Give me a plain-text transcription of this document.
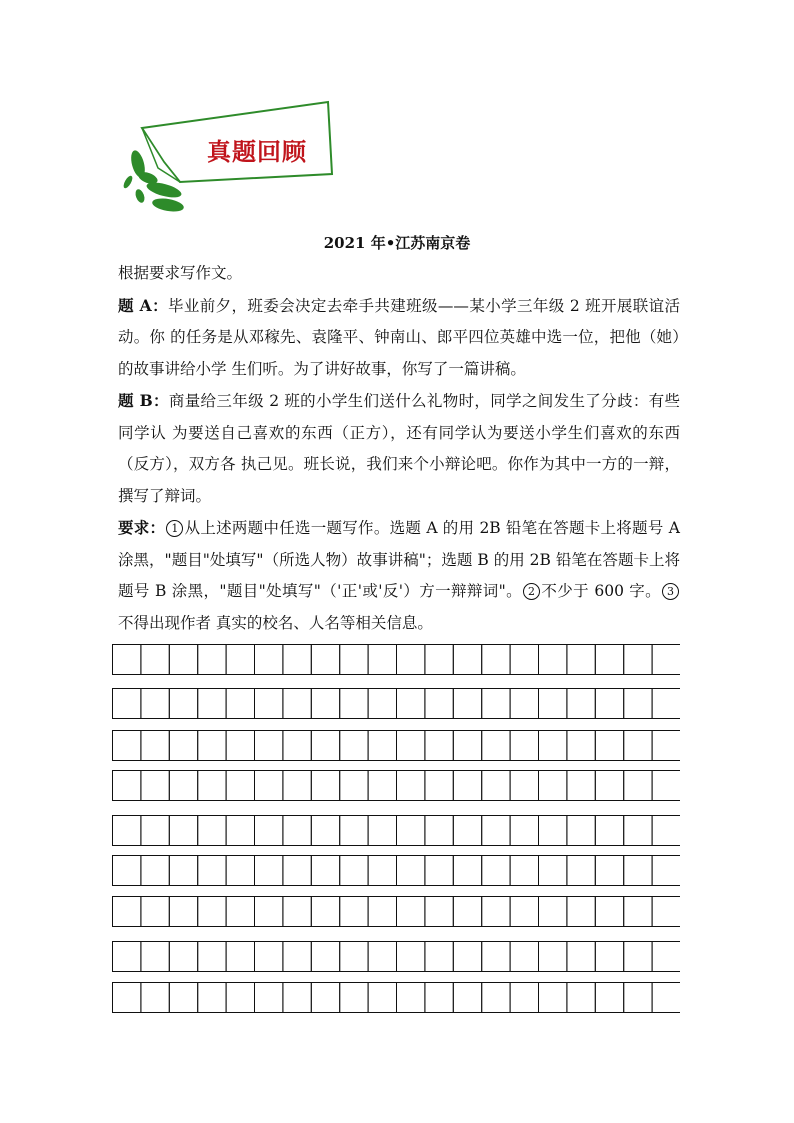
真题回顾
2021 年•江苏南京卷

根据要求写作文。

题 A：毕业前夕，班委会决定去牵手共建班级——某小学三年级 2 班开展联谊活动。你 的任务是从邓稼先、袁隆平、钟南山、郎平四位英雄中选一位，把他（她）的故事讲给小学 生们听。为了讲好故事，你写了一篇讲稿。

题 B：商量给三年级 2 班的小学生们送什么礼物时，同学之间发生了分歧：有些同学认 为要送自己喜欢的东西（正方），还有同学认为要送小学生们喜欢的东西（反方），双方各 执己见。班长说，我们来个小辩论吧。你作为其中一方的一辩，撰写了辩词。

要求： 1 从上述两题中任选一题写作。选题 A 的用 2B 铅笔在答题卡上将题号 A 涂黑，"题目"处填写"（所选人物）故事讲稿"；选题 B 的用 2B 铅笔在答题卡上将题号 B 涂黑，"题目"处填写"（'正'或'反'）方一辩辩词"。 2 不少于 600 字。 3不得出现作者 真实的校名、人名等相关信息。
